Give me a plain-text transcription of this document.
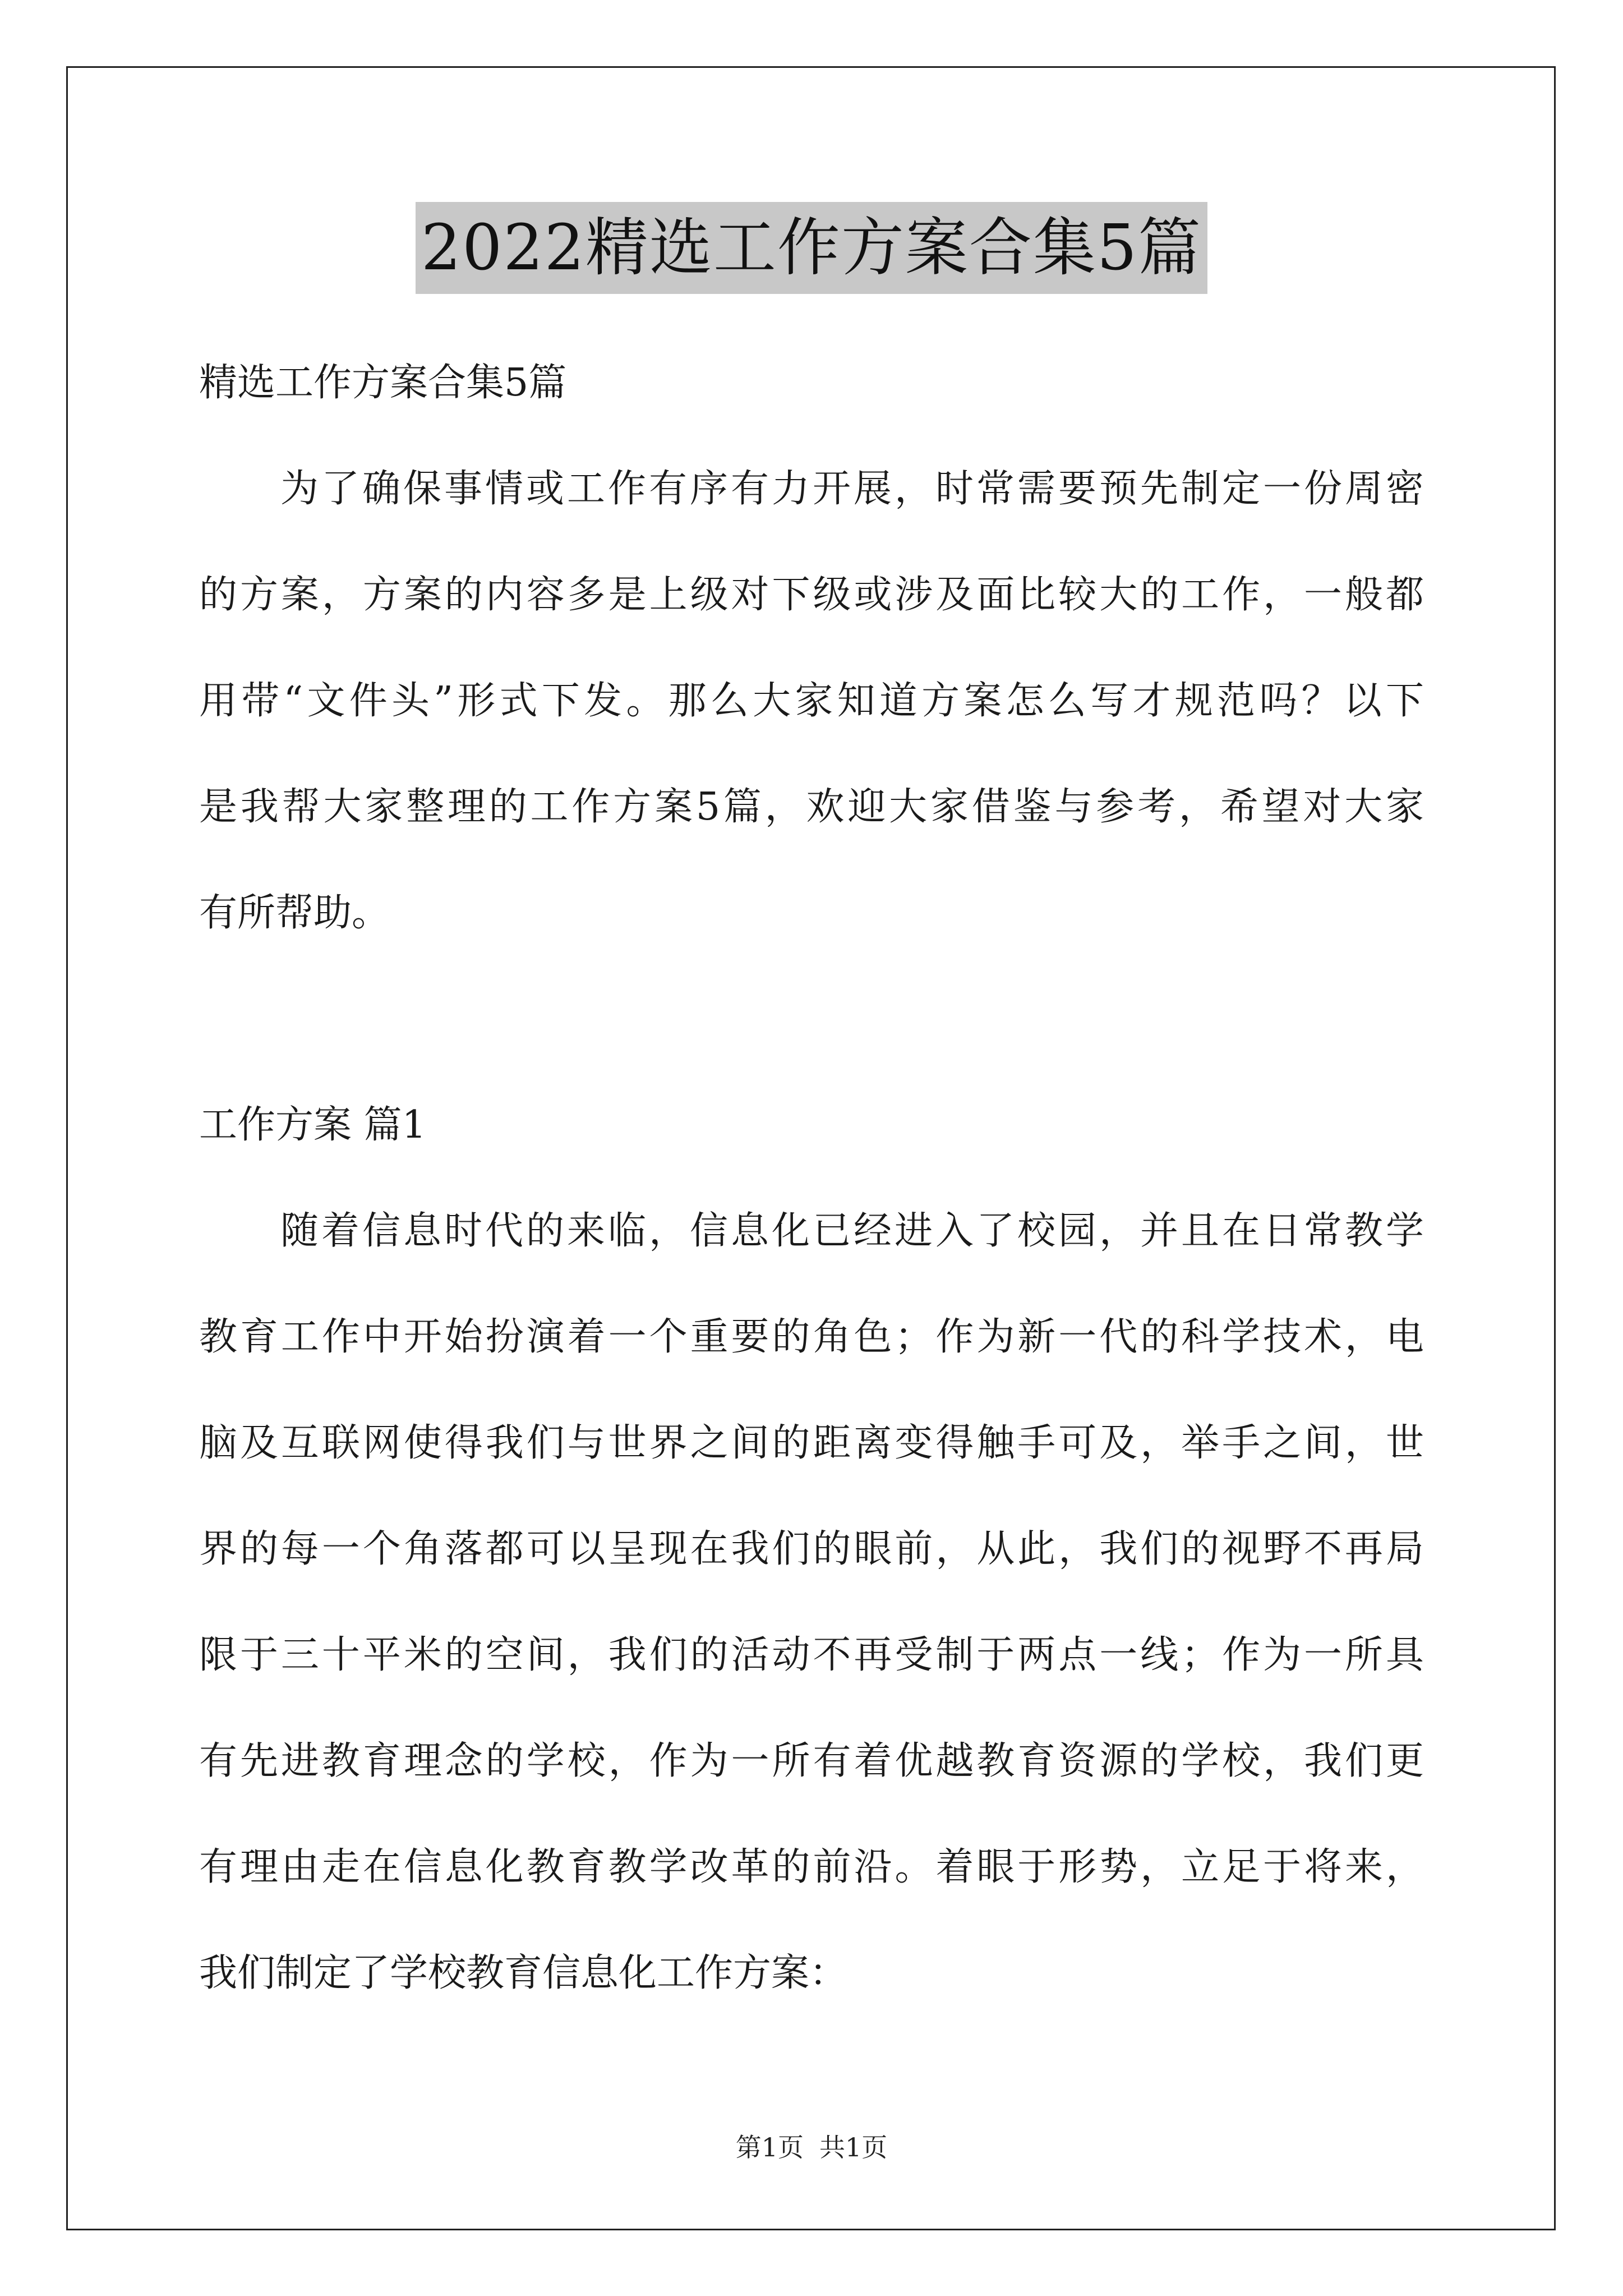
2022精选工作方案合集5篇
精选工作方案合集5篇
为了确保事情或工作有序有力开展，时常需要预先制定一份周密
的方案，方案的内容多是上级对下级或涉及面比较大的工作，一般都
用带“文件头”形式下发。那么大家知道方案怎么写才规范吗？以下
是我帮大家整理的工作方案5篇，欢迎大家借鉴与参考，希望对大家
有所帮助。
工作方案 篇1
随着信息时代的来临，信息化已经进入了校园，并且在日常教学
教育工作中开始扮演着一个重要的角色；作为新一代的科学技术，电
脑及互联网使得我们与世界之间的距离变得触手可及，举手之间，世
界的每一个角落都可以呈现在我们的眼前，从此，我们的视野不再局
限于三十平米的空间，我们的活动不再受制于两点一线；作为一所具
有先进教育理念的学校，作为一所有着优越教育资源的学校，我们更
有理由走在信息化教育教学改革的前沿。着眼于形势，立足于将来，
我们制定了学校教育信息化工作方案：
第1页 共1页
